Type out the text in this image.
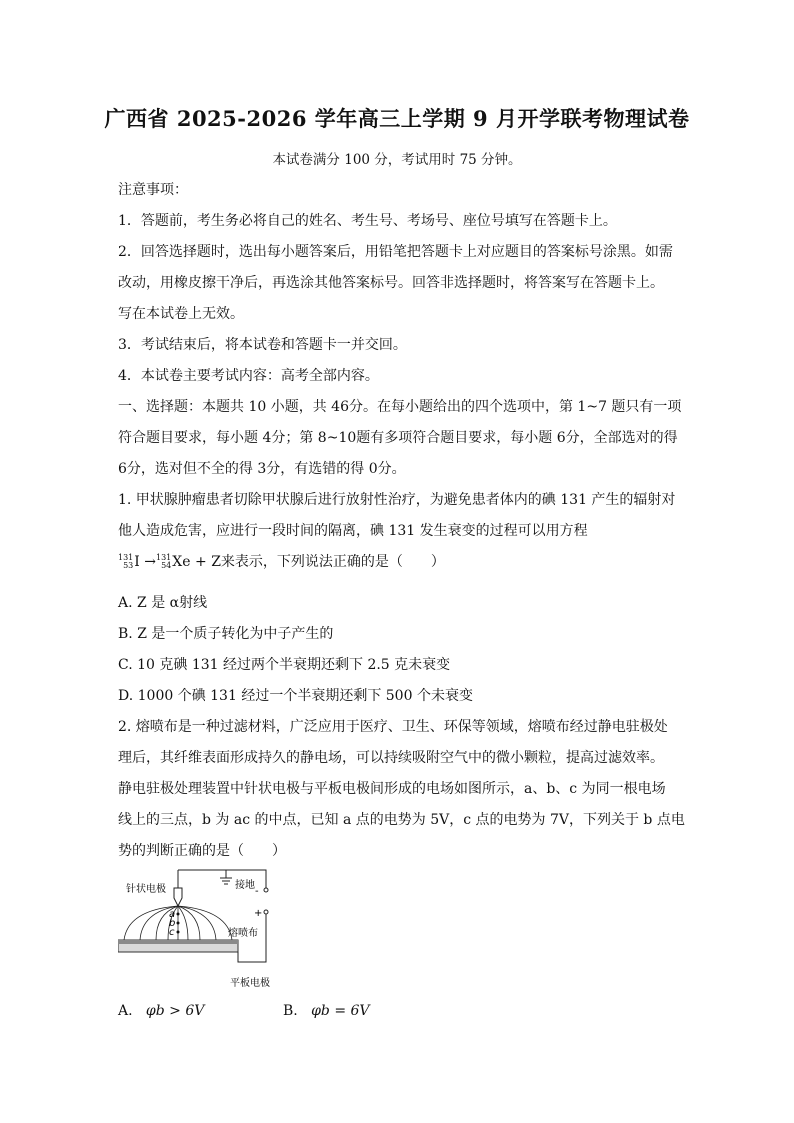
广西省 2025-2026 学年高三上学期 9 月开学联考物理试卷
本试卷满分 100 分，考试用时 75 分钟。
注意事项：
1．答题前，考生务必将自己的姓名、考生号、考场号、座位号填写在答题卡上。
2．回答选择题时，选出每小题答案后，用铅笔把答题卡上对应题目的答案标号涂黑。如需
改动，用橡皮擦干净后，再选涂其他答案标号。回答非选择题时，将答案写在答题卡上。
写在本试卷上无效。
3．考试结束后，将本试卷和答题卡一并交回。
4．本试卷主要考试内容：高考全部内容。
一、选择题：本题共 10 小题，共 46分。在每小题给出的四个选项中，第 1~7 题只有一项
符合题目要求，每小题 4分；第 8~10题有多项符合题目要求，每小题 6分，全部选对的得
6分，选对但不全的得 3分，有选错的得 0分。
1. 甲状腺肿瘤患者切除甲状腺后进行放射性治疗，为避免患者体内的碘 131 产生的辐射对
他人造成危害，应进行一段时间的隔离，碘 131 发生衰变的过程可以用方程
131
53 I → 131
54 Xe + Z来表示，下列说法正确的是（　　）
A. Z 是 α射线
B. Z 是一个质子转化为中子产生的
C. 10 克碘 131 经过两个半衰期还剩下 2.5 克未衰变
D. 1000 个碘 131 经过一个半衰期还剩下 500 个未衰变
2. 熔喷布是一种过滤材料，广泛应用于医疗、卫生、环保等领域，熔喷布经过静电驻极处
理后，其纤维表面形成持久的静电场，可以持续吸附空气中的微小颗粒，提高过滤效率。
静电驻极处理装置中针状电极与平板电极间形成的电场如图所示，a、b、c 为同一根电场
线上的三点，b 为 ac 的中点，已知 a 点的电势为 5V，c 点的电势为 7V，下列关于 b 点电
势的判断正确的是（　　）
a
b
c
针状电极	接地
-
+
熔喷布
平板电极
A. φb > 6V	B. φb = 6V
